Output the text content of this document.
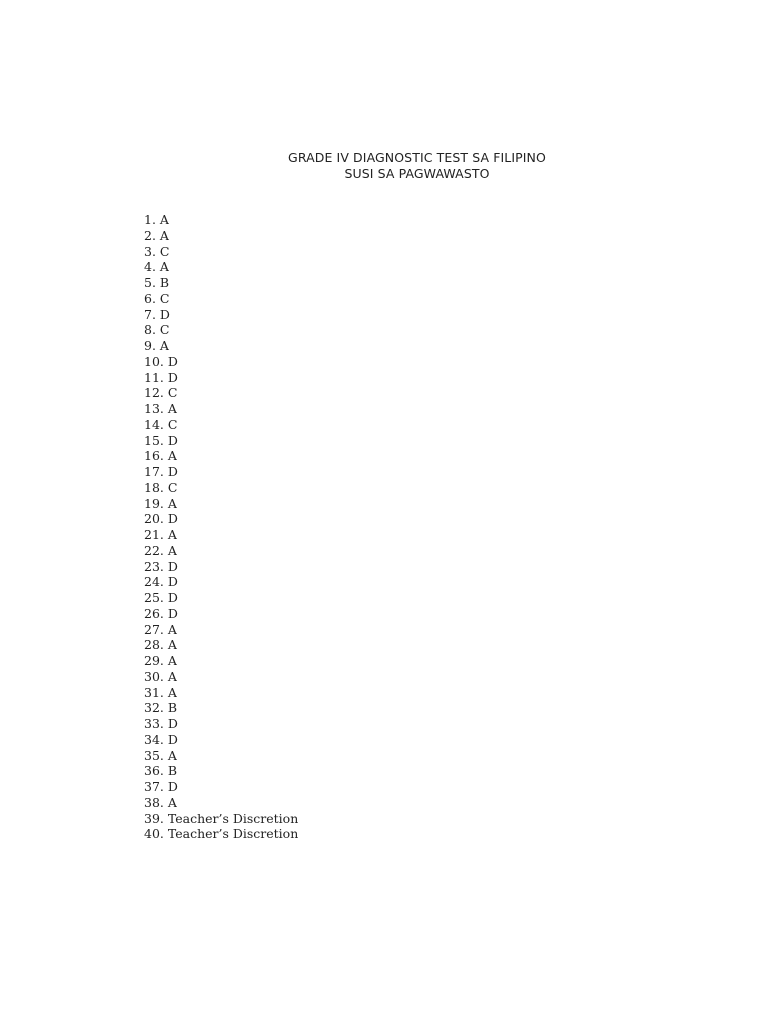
GRADE IV DIAGNOSTIC TEST SA FILIPINO
SUSI SA PAGWAWASTO
1. A
2. A
3. C
4. A
5. B
6. C
7. D
8. C
9. A
10. D
11. D
12. C
13. A
14. C
15. D
16. A
17. D
18. C
19. A
20. D
21. A
22. A
23. D
24. D
25. D
26. D
27. A
28. A
29. A
30. A
31. A
32. B
33. D
34. D
35. A
36. B
37. D
38. A
39. Teacher’s Discretion
40. Teacher’s Discretion
